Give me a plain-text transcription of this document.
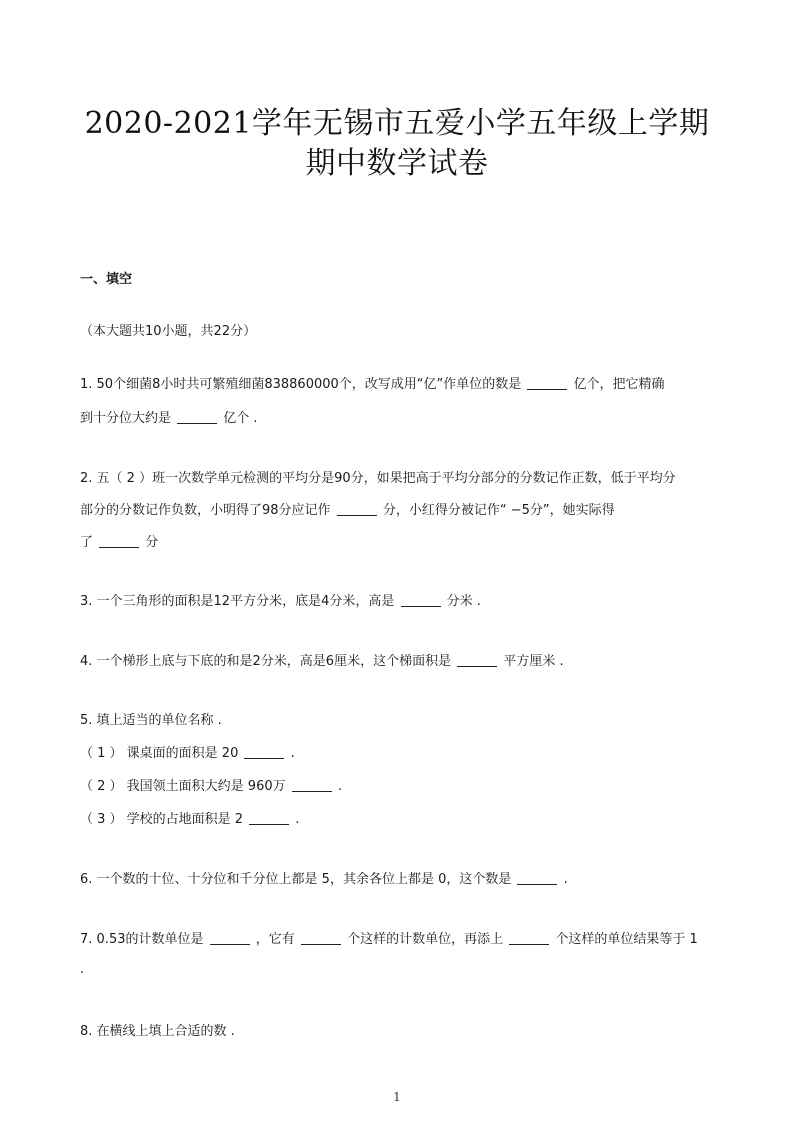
2020-2021学年无锡市五爱小学五年级上学期
期中数学试卷
一、填空
（本大题共10小题，共22分）
1. 50个细菌8小时共可繁殖细菌838860000个，改写成用“亿”作单位的数是	亿个，把它精确
到十分位大约是	亿个 .
2. 五（ 2 ）班一次数学单元检测的平均分是90分，如果把高于平均分部分的分数记作正数，低于平均分
部分的分数记作负数，小明得了98分应记作	分，小红得分被记作“ −5分”，她实际得
了	分
3. 一个三角形的面积是12平方分米，底是4分米，高是	分米 .
4. 一个梯形上底与下底的和是2分米，高是6厘米，这个梯面积是	平方厘米 .
5. 填上适当的单位名称 .
（ 1 ） 课桌面的面积是 20	.
（ 2 ） 我国领土面积大约是 960万	.
（ 3 ） 学校的占地面积是 2	.
6. 一个数的十位、十分位和千分位上都是 5，其余各位上都是 0，这个数是	.
7. 0.53的计数单位是	，它有	个这样的计数单位，再添上	个这样的单位结果等于 1
.
8. 在横线上填上合适的数 .
1
